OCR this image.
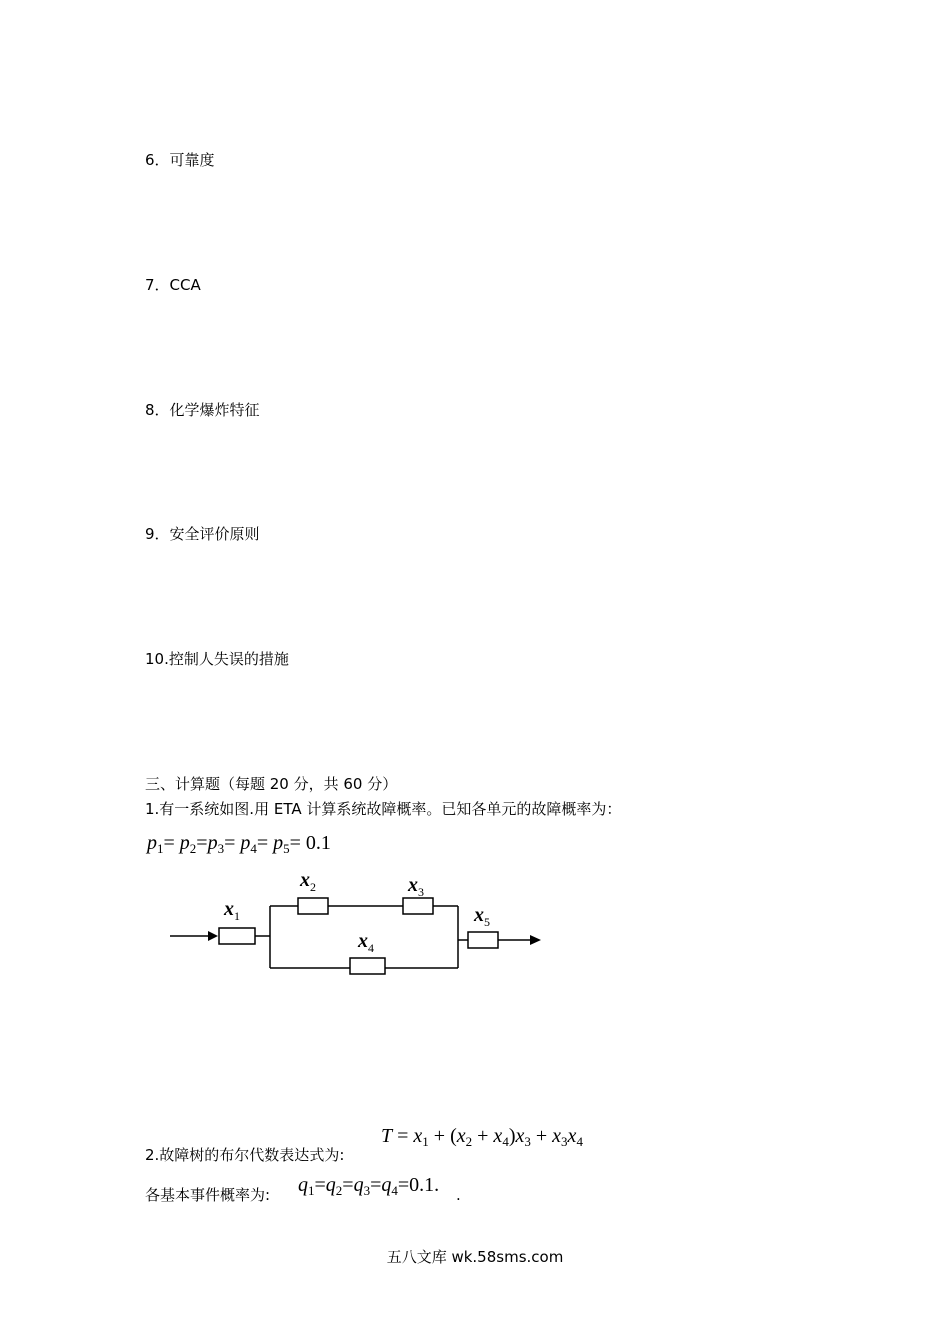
6．可靠度
7．CCA
8．化学爆炸特征
9．安全评价原则
10.控制人失误的措施
三、计算题（每题 20 分，共 60 分）
1.有一系统如图.用 ETA 计算系统故障概率。已知各单元的故障概率为：
$p_1= p_2=p_3= p_4= p_5= 0.1$
$x_1$
$x_2$	$x_3$
$x_4$
$x_5$
$T = x_1 + (x_2 + x_4)x_3 + x_3x_4$
2.故障树的布尔代数表达式为:
各基本事件概率为: $q_1=q_2=q_3=q_4=0.1$. .
五八文库 wk.58sms.com
